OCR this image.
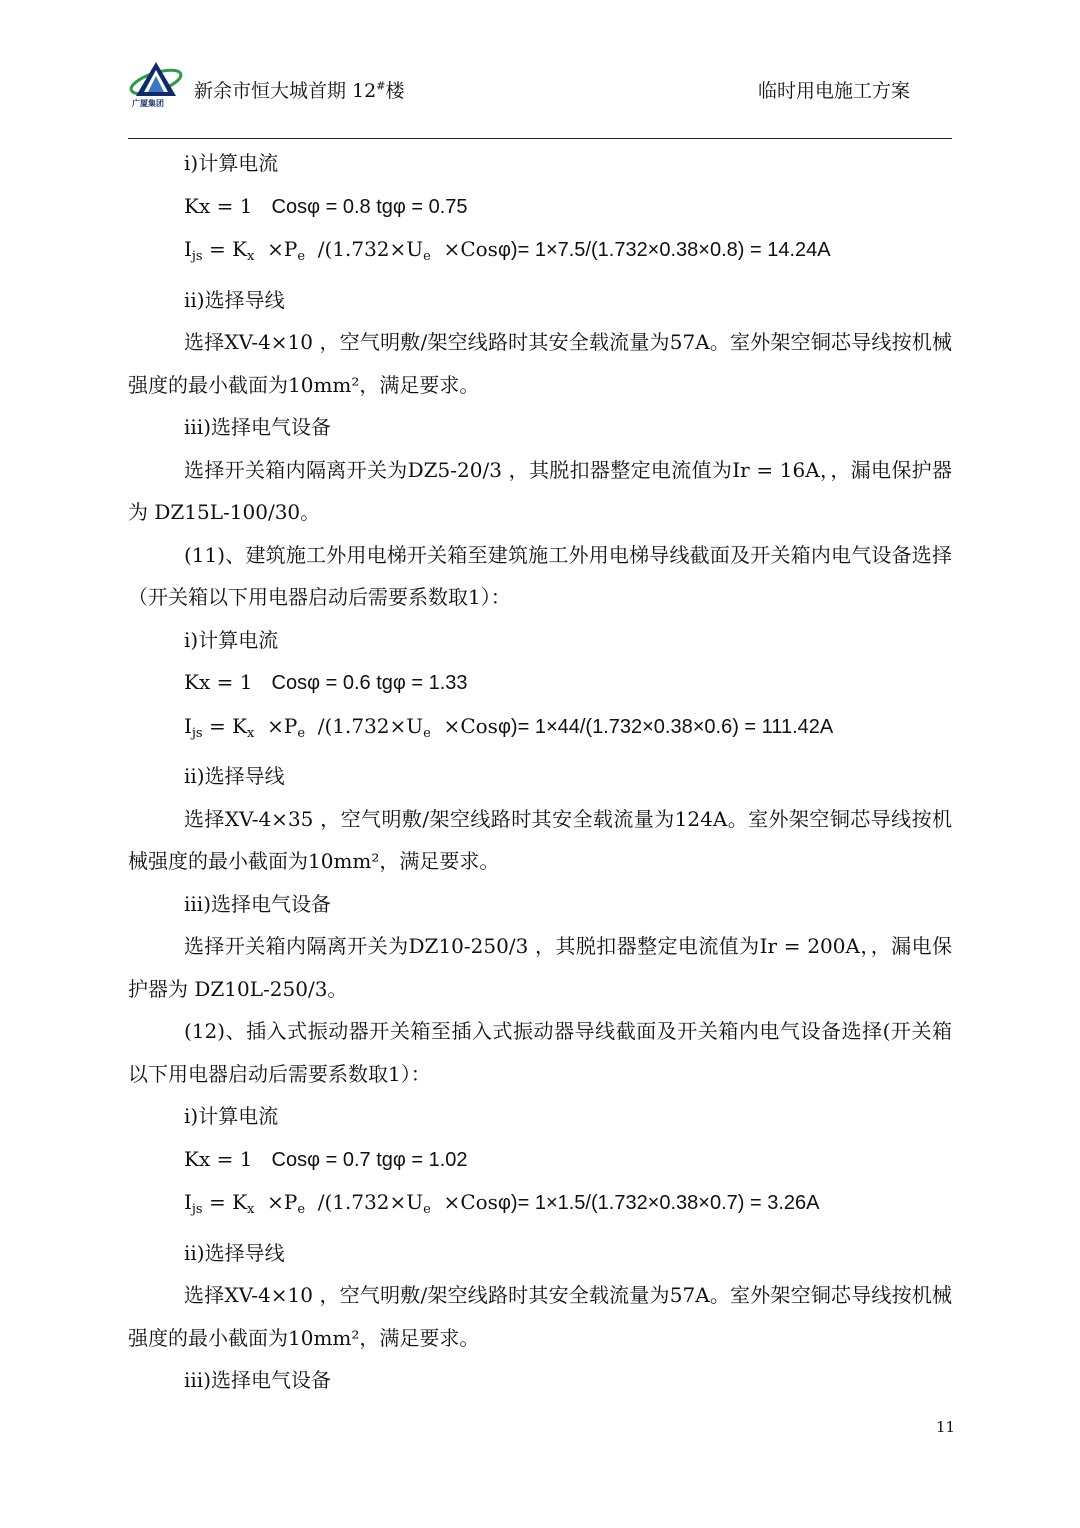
广厦集团
新余市恒大城首期 12#楼	临时用电施工方案

i)计算电流

Kx = 1 Cosφ = 0.8 tgφ = 0.75

$I_{js} = K_x \times P_e$  $/(1.732\times U_e \times Cos\varphi)= 1\times 7.5/(1.732\times 0.38\times 0.8) = 14.24A$

ii)选择导线

选择XV-4×10 ，空气明敷/架空线路时其安全载流量为57A。室外架空铜芯导线按机械强度的最小截面为10mm²，满足要求。

iii)选择电气设备

选择开关箱内隔离开关为DZ5-20/3 ，其脱扣器整定电流值为Ir = 16A，，漏电保护器为 DZ15L-100/30。

(11)、建筑施工外用电梯开关箱至建筑施工外用电梯导线截面及开关箱内电气设备选择（开关箱以下用电器启动后需要系数取1）：

i)计算电流

Kx = 1 Cosφ = 0.6 tgφ = 1.33

$I_{js} = K_x \times P_e$  $/(1.732\times U_e \times Cos\varphi)= 1\times 44/(1.732\times 0.38\times 0.6) = 111.42A$

ii)选择导线

选择XV-4×35 ，空气明敷/架空线路时其安全载流量为124A。室外架空铜芯导线按机械强度的最小截面为10mm²，满足要求。

iii)选择电气设备

选择开关箱内隔离开关为DZ10-250/3 ，其脱扣器整定电流值为Ir = 200A，，漏电保护器为 DZ10L-250/3。

(12)、插入式振动器开关箱至插入式振动器导线截面及开关箱内电气设备选择(开关箱以下用电器启动后需要系数取1）：

i)计算电流

Kx = 1 Cosφ = 0.7 tgφ = 1.02

$I_{js} = K_x \times P_e$  $/(1.732\times U_e \times Cos\varphi)= 1\times 1.5/(1.732\times 0.38\times 0.7) = 3.26A$

ii)选择导线

选择XV-4×10 ，空气明敷/架空线路时其安全载流量为57A。室外架空铜芯导线按机械强度的最小截面为10mm²，满足要求。

iii)选择电气设备

11
